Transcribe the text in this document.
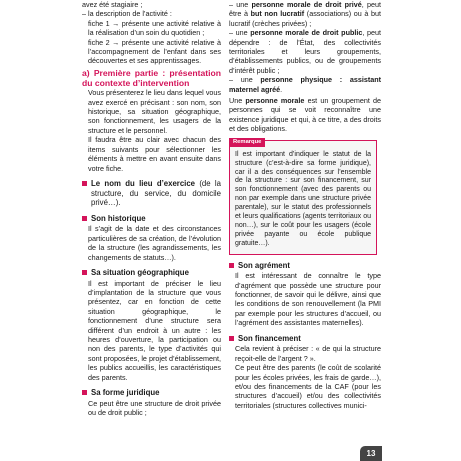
avez été stagiaire ;

– la description de l’activité :

fiche 1 → présente une activité relative à la réalisation d’un soin du quotidien ;

fiche 2 → présente une activité relative à l’accompagnement de l’enfant dans ses découvertes et ses apprentissages.

a) Première partie : présentation du contexte d’intervention

Vous présenterez le lieu dans lequel vous avez exercé en précisant : son nom, son historique, sa situation géographique, son fonctionnement, les usagers de la structure et le personnel.

Il faudra être au clair avec chacun des items suivants pour sélectionner les éléments à mettre en avant ensuite dans votre fiche.

Le nom du lieu d’exercice (de la structure, du service, du domicile privé…).
Son historique

Il s’agit de la date et des circonstances particulières de sa création, de l’évolution de la structure (les agrandissements, les changements de statuts…).

Sa situation géographique

Il est important de préciser le lieu d’implantation de la structure que vous présentez, car en fonction de cette situation géographique, le fonctionnement d’une structure sera différent d’un endroit à un autre : les heures d’ouverture, la participation ou non des parents, le type d’activités qui sont proposées, le projet d’établissement, les publics accueillis, les caractéristiques des parents.

Sa forme juridique

Ce peut être une structure de droit privée ou de droit public ;

– une personne morale de droit privé, peut être à but non lucratif (associations) ou à but lucratif (crèches privées) ;

– une personne morale de droit public, peut dépendre : de l’État, des collectivités territoriales et leurs groupements, d’établissements publics, ou de groupements d’intérêt public ;

– une personne physique : assistant maternel agréé.

Une personne morale est un groupement de personnes qui se voit reconnaître une existence juridique et qui, à ce titre, a des droits et des obligations.

Remarque

Il est important d’indiquer le statut de la structure (c’est-à-dire sa forme juridique), car il a des conséquences sur l’ensemble de la structure : sur son financement, sur son fonctionnement (avec des parents ou non par exemple dans une structure privée parentale), sur le statut des professionnels et leurs qualifications (agents territoriaux ou non…), sur le coût pour les usagers (école privée payante ou école publique gratuite…).

Son agrément

Il est intéressant de connaître le type d’agrément que possède une structure pour fonctionner, de savoir qui le délivre, ainsi que les conditions de son renouvellement (la PMI par exemple pour les structures d’accueil, ou l’agrément des assistantes maternelles).

Son financement

Cela revient à préciser : « de qui la structure reçoit-elle de l’argent ? ».

Ce peut être des parents (le coût de scolarité pour les écoles privées, les frais de garde…), et/ou des financements de la CAF (pour les structures d’accueil) et/ou des collectivités territoriales (structures collectives munici-

13
